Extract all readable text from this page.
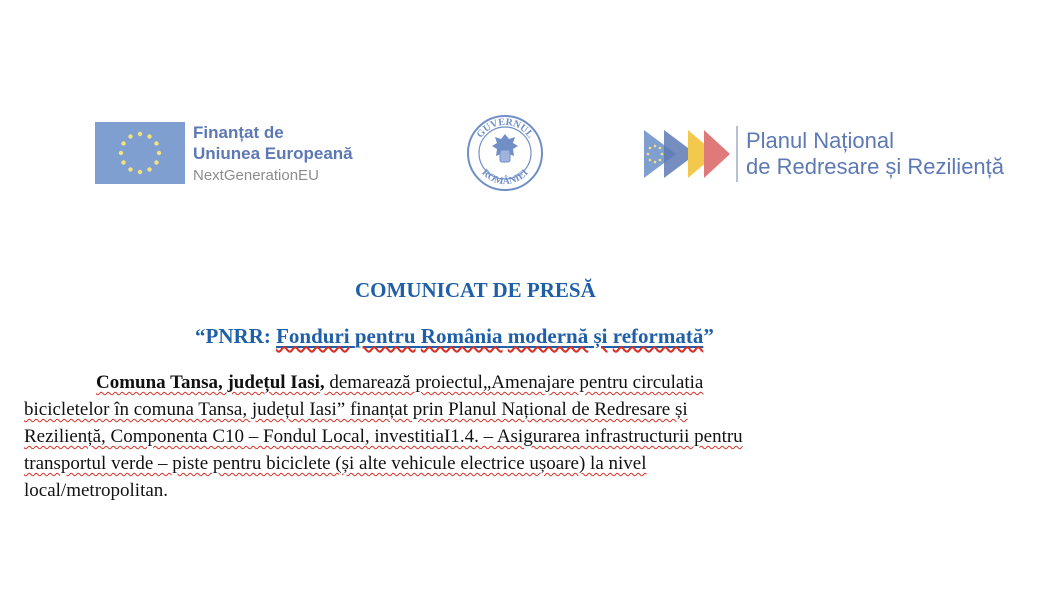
Finanțat de
Uniunea Europeană
NextGenerationEU
GUVERNUL
ROMÂNIEI
Planul Național
de Redresare și Reziliență
COMUNICAT DE PRESĂ
“PNRR: Fonduri pentru România modernă și reformată”

Comuna Tansa, județul Iasi, demarează proiectul„Amenajare pentru circulatia

bicicletelor în comuna Tansa, județul Iasi” finanțat prin Planul Național de Redresare și

Reziliență, Componenta C10 – Fondul Local, investitiaI1.4. – Asigurarea infrastructurii pentru

transportul verde – piste pentru biciclete (și alte vehicule electrice ușoare) la nivel

local/metropolitan.
